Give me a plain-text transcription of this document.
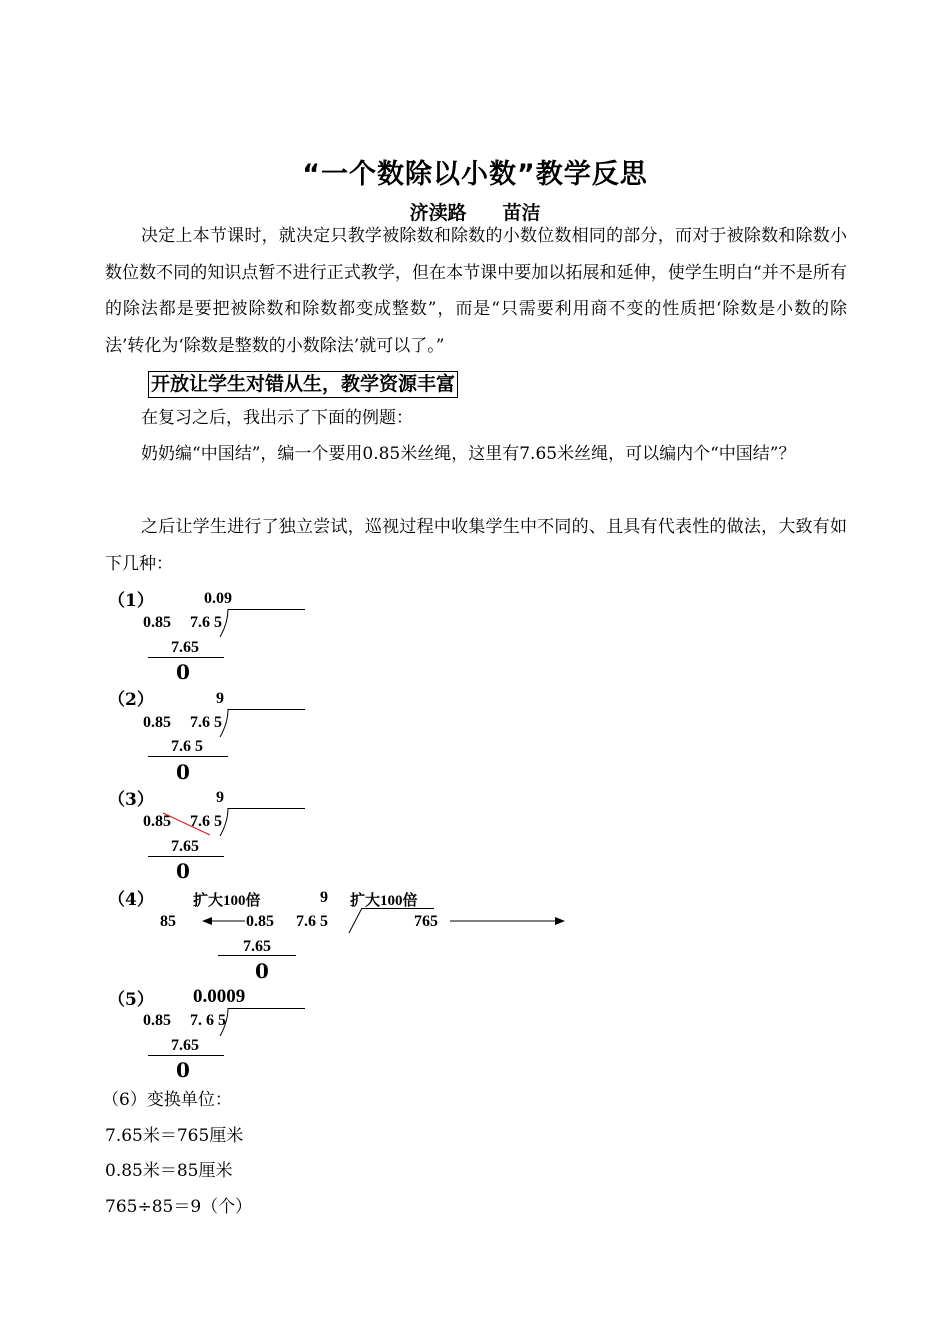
“一个数除以小数”教学反思
济渎路 苗洁
决定上本节课时，就决定只教学被除数和除数的小数位数相同的部分，而对于被除数和除数小数位数不同的知识点暂不进行正式教学，但在本节课中要加以拓展和延伸，使学生明白“并不是所有的除法都是要把被除数和除数都变成整数”，而是“只需要利用商不变的性质把‘除数是小数的除法’转化为‘除数是整数的小数除法’就可以了。”
开放让学生对错从生，教学资源丰富
在复习之后，我出示了下面的例题：
奶奶编“中国结”，编一个要用0.85米丝绳，这里有7.65米丝绳，可以编内个“中国结”？
之后让学生进行了独立尝试，巡视过程中收集学生中不同的、且具有代表性的做法，大致有如下几种：
（1）	0.09
0.85 7.6 5
7.65
0
（2）	9
0.85 7.6 5
7.6 5
0
（3）	9
0.85 7.6 5
7.65
0
（4）	扩大100倍	9 扩大100倍
85	0.85 7.6 5	765
7.65
0
（5） 0.0009
0.85 7. 6 5
7.65
0
（6）变换单位：
7.65米＝765厘米
0.85米＝85厘米
765÷85＝9（个）
